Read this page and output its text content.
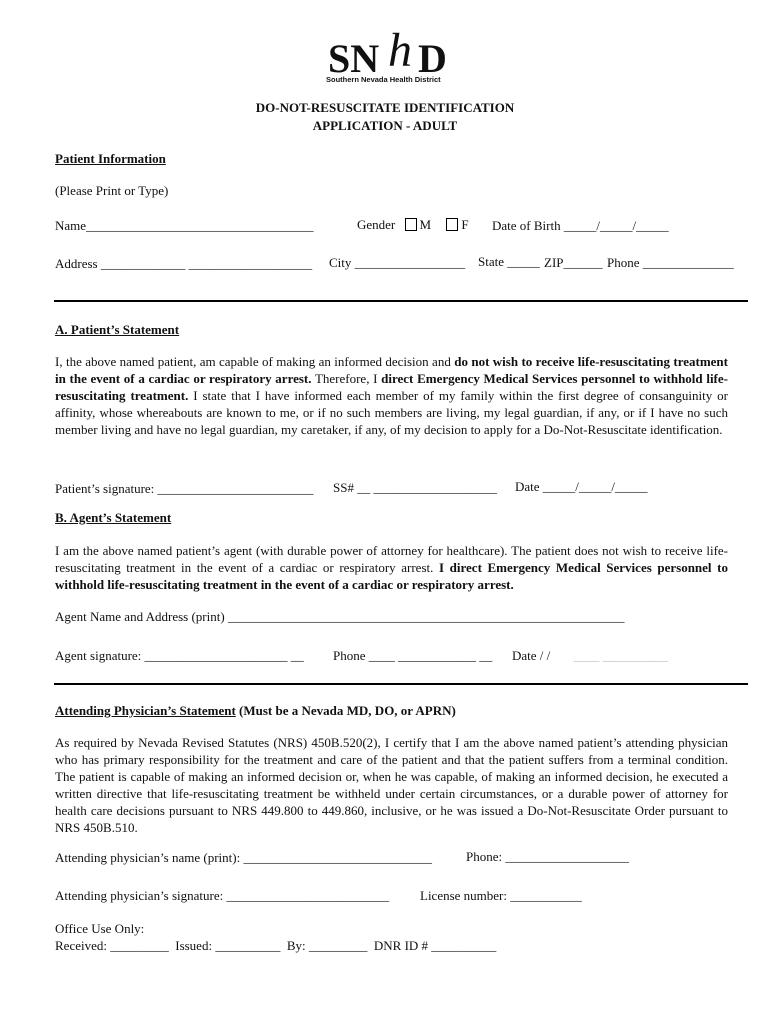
SN h D
Southern Nevada Health District
DO-NOT-RESUSCITATE IDENTIFICATION
APPLICATION - ADULT
Patient Information
(Please Print or Type)
Name___________________________________	Gender M F Date of Birth _____/_____/_____
Address _____________ ___________________ City _________________ State _____ ZIP______ Phone ______________
A. Patient’s Statement
I, the above named patient, am capable of making an informed decision and do not wish to receive life-resuscitating treatment in the event of a cardiac or respiratory arrest. Therefore, I direct Emergency Medical Services personnel to withhold life-resuscitating treatment. I state that I have informed each member of my family within the first degree of consanguinity or affinity, whose whereabouts are known to me, or if no such members are living, my legal guardian, if any, or if I have no such member living and have no legal guardian, my caretaker, if any, of my decision to apply for a Do-Not-Resuscitate identification.
Patient’s signature: ________________________ SS# __ ___________________ Date _____/_____/_____
B. Agent’s Statement
I am the above named patient’s agent (with durable power of attorney for healthcare). The patient does not wish to receive life-resuscitating treatment in the event of a cardiac or respiratory arrest. I direct Emergency Medical Services personnel to withhold life-resuscitating treatment in the event of a cardiac or respiratory arrest.
Agent Name and Address (print) _____________________________________________________________
Agent signature: ______________________ __ Phone ____ ____________ __ Date / / ____ __________
Attending Physician’s Statement (Must be a Nevada MD, DO, or APRN)
As required by Nevada Revised Statutes (NRS) 450B.520(2), I certify that I am the above named patient’s attending physician who has primary responsibility for the treatment and care of the patient and that the patient suffers from a terminal condition. The patient is capable of making an informed decision or, when he was capable, of making an informed decision, he executed a written directive that life-resuscitating treatment be withheld under certain circumstances, or a durable power of attorney for health care decisions pursuant to NRS 449.800 to 449.860, inclusive, or he was issued a Do-Not-Resuscitate Order pursuant to NRS 450B.510.
Attending physician’s name (print): _____________________________	Phone: ___________________
Attending physician’s signature: _________________________ License number: ___________
Office Use Only:
Received: _________ Issued: __________ By: _________ DNR ID # __________
